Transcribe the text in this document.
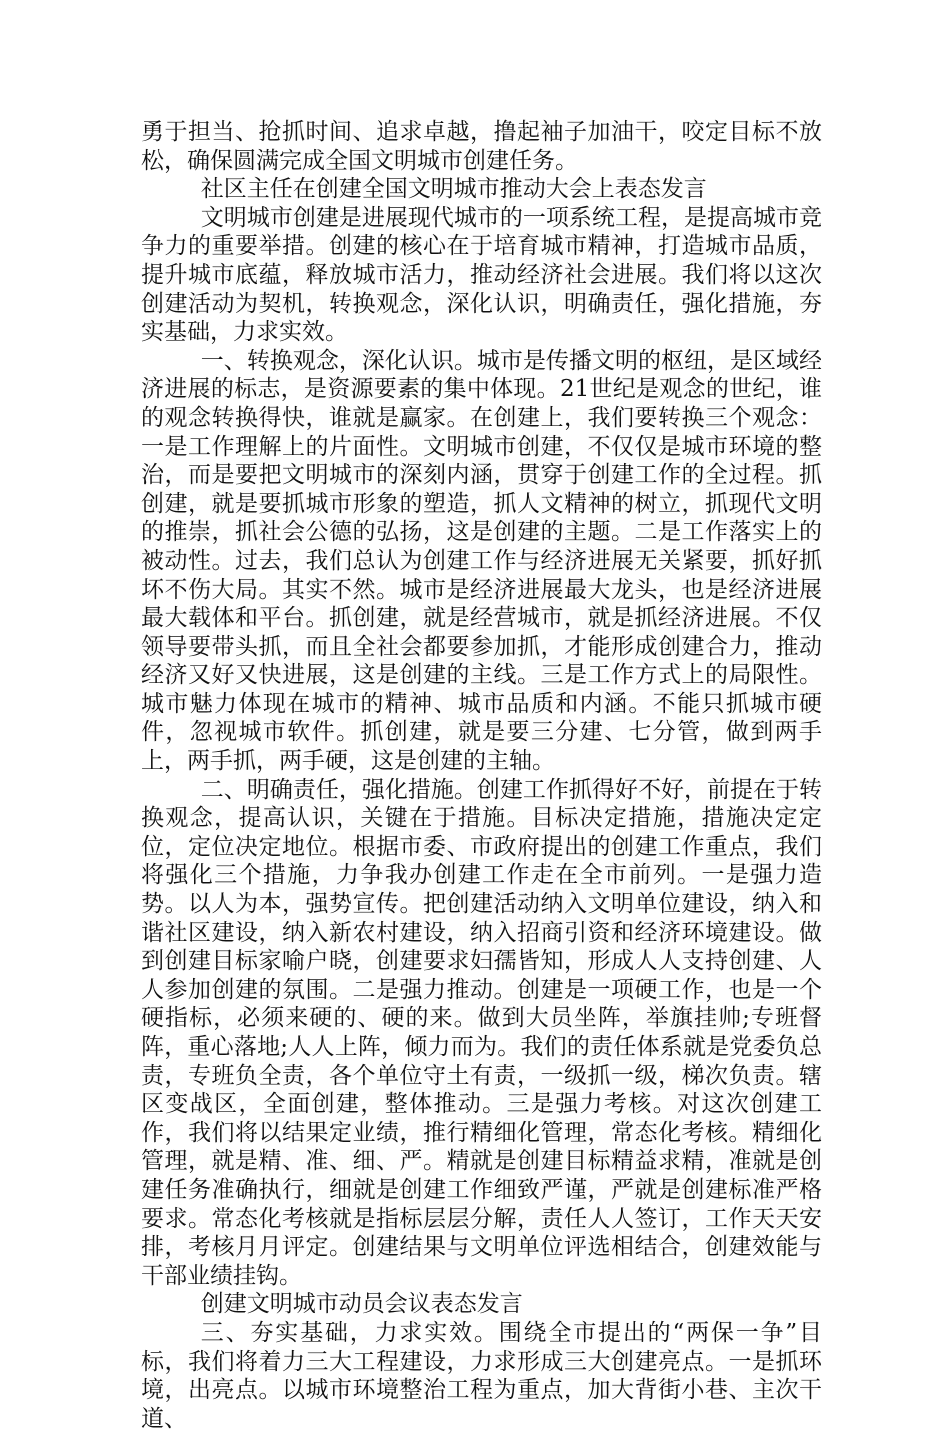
勇于担当、抢抓时间、追求卓越，撸起袖子加油干，咬定目标不放松，确保圆满完成全国文明城市创建任务。

社区主任在创建全国文明城市推动大会上表态发言

文明城市创建是进展现代城市的一项系统工程，是提高城市竞争力的重要举措。创建的核心在于培育城市精神，打造城市品质，提升城市底蕴，释放城市活力，推动经济社会进展。我们将以这次创建活动为契机，转换观念，深化认识，明确责任，强化措施，夯实基础，力求实效。

一、转换观念，深化认识。城市是传播文明的枢纽，是区域经济进展的标志，是资源要素的集中体现。21世纪是观念的世纪，谁的观念转换得快，谁就是赢家。在创建上，我们要转换三个观念：一是工作理解上的片面性。文明城市创建，不仅仅是城市环境的整治，而是要把文明城市的深刻内涵，贯穿于创建工作的全过程。抓创建，就是要抓城市形象的塑造，抓人文精神的树立，抓现代文明的推崇，抓社会公德的弘扬，这是创建的主题。二是工作落实上的被动性。过去，我们总认为创建工作与经济进展无关紧要，抓好抓坏不伤大局。其实不然。城市是经济进展最大龙头，也是经济进展最大载体和平台。抓创建，就是经营城市，就是抓经济进展。不仅领导要带头抓，而且全社会都要参加抓，才能形成创建合力，推动经济又好又快进展，这是创建的主线。三是工作方式上的局限性。城市魅力体现在城市的精神、城市品质和内涵。不能只抓城市硬件，忽视城市软件。抓创建，就是要三分建、七分管，做到两手上，两手抓，两手硬，这是创建的主轴。

二、明确责任，强化措施。创建工作抓得好不好，前提在于转换观念，提高认识，关键在于措施。目标决定措施，措施决定定位，定位决定地位。根据市委、市政府提出的创建工作重点，我们将强化三个措施，力争我办创建工作走在全市前列。一是强力造势。以人为本，强势宣传。把创建活动纳入文明单位建设，纳入和谐社区建设，纳入新农村建设，纳入招商引资和经济环境建设。做到创建目标家喻户晓，创建要求妇孺皆知，形成人人支持创建、人人参加创建的氛围。二是强力推动。创建是一项硬工作，也是一个硬指标，必须来硬的、硬的来。做到大员坐阵，举旗挂帅;专班督阵，重心落地;人人上阵，倾力而为。我们的责任体系就是党委负总责，专班负全责，各个单位守土有责，一级抓一级，梯次负责。辖区变战区，全面创建，整体推动。三是强力考核。对这次创建工作，我们将以结果定业绩，推行精细化管理，常态化考核。精细化管理，就是精、准、细、严。精就是创建目标精益求精，准就是创建任务准确执行，细就是创建工作细致严谨，严就是创建标准严格要求。常态化考核就是指标层层分解，责任人人签订，工作天天安排，考核月月评定。创建结果与文明单位评选相结合，创建效能与干部业绩挂钩。

创建文明城市动员会议表态发言

三、夯实基础，力求实效。围绕全市提出的“两保一争”目标，我们将着力三大工程建设，力求形成三大创建亮点。一是抓环境，出亮点。以城市环境整治工程为重点，加大背街小巷、主次干道、
